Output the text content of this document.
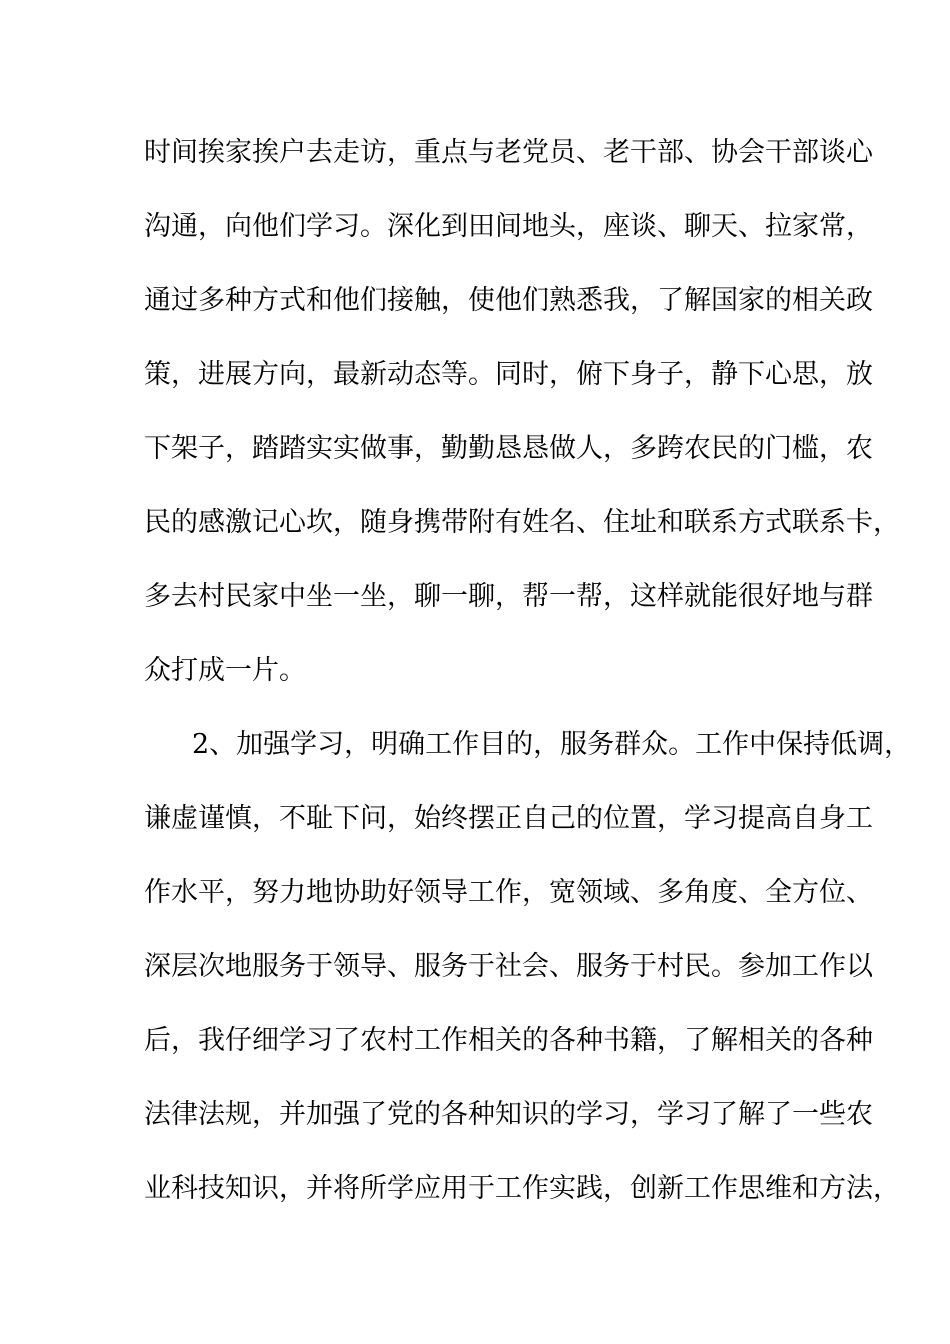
时间挨家挨户去走访，重点与老党员、老干部、协会干部谈心
沟通，向他们学习。深化到田间地头，座谈、聊天、拉家常，
通过多种方式和他们接触，使他们熟悉我，了解国家的相关政
策，进展方向，最新动态等。同时，俯下身子，静下心思，放
下架子，踏踏实实做事，勤勤恳恳做人，多跨农民的门槛，农
民的感激记心坎，随身携带附有姓名、住址和联系方式联系卡，
多去村民家中坐一坐，聊一聊，帮一帮，这样就能很好地与群
众打成一片。
2、加强学习，明确工作目的，服务群众。工作中保持低调，
谦虚谨慎，不耻下问，始终摆正自己的位置，学习提高自身工
作水平，努力地协助好领导工作，宽领域、多角度、全方位、
深层次地服务于领导、服务于社会、服务于村民。参加工作以
后，我仔细学习了农村工作相关的各种书籍，了解相关的各种
法律法规，并加强了党的各种知识的学习，学习了解了一些农
业科技知识，并将所学应用于工作实践，创新工作思维和方法，
